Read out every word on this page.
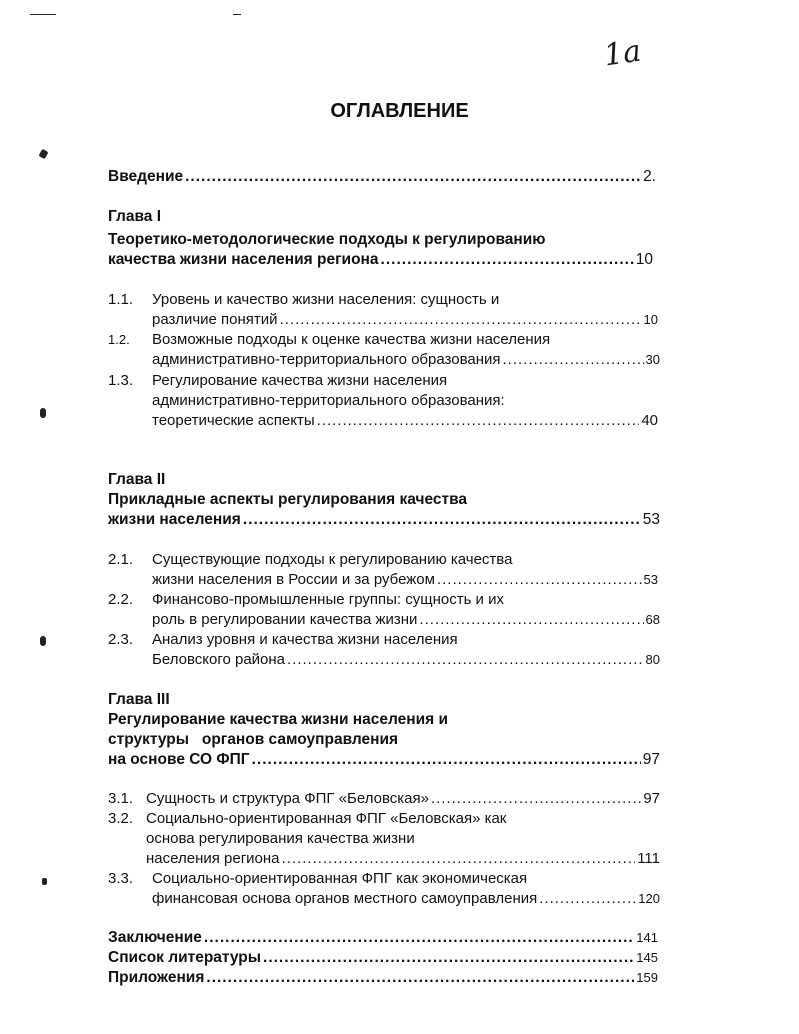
1а
ОГЛАВЛЕНИЕ
Введение .....	2.
Глава I
Теоретико-методологические подходы к регулированию
качества жизни населения региона .....	10
1.1. Уровень и качество жизни населения: сущность и
различие понятий .....	10
1.2. Возможные подходы к оценке качества жизни населения
административно-территориального образования .....	.30
1.3. Регулирование качества жизни населения
административно-территориального образования:
теоретические аспекты .....	40
Глава II
Прикладные аспекты регулирования качества
жизни населения .....	53
2.1. Существующие подходы к регулированию качества
жизни населения в России и за рубежом .....	53
2.2. Финансово-промышленные группы: сущность и их
роль в регулировании качества жизни .....	68
2.3. Анализ уровня и качества жизни населения
Беловского района .....	80
Глава III
Регулирование качества жизни населения и
структуры   органов самоуправления
на основе СО ФПГ .....	97
3.1. Сущность и структура ФПГ «Беловская» .....	97
3.2. Социально-ориентированная ФПГ «Беловская» как
основа регулирования качества жизни
населения региона .....	111
3.3. Социально-ориентированная ФПГ как экономическая
финансовая основа органов местного самоуправления .....	120
Заключение .....	141
Список литературы .....	145
Приложения .....	159
